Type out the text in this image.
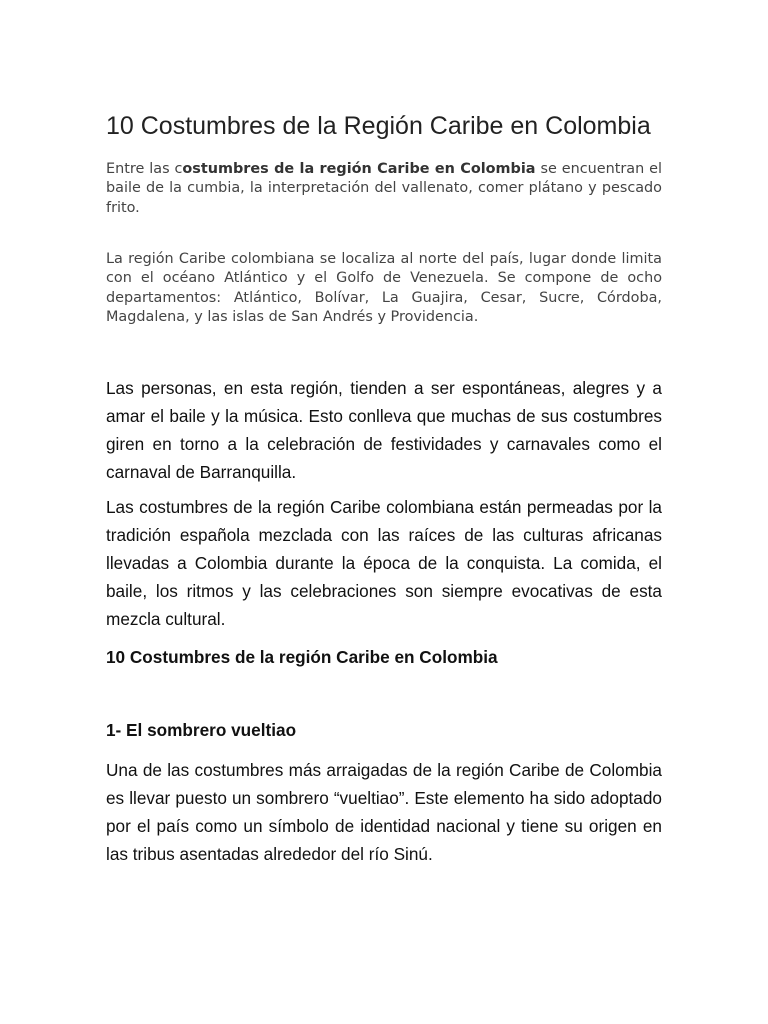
10 Costumbres de la Región Caribe en Colombia

Entre las costumbres de la región Caribe en Colombia se encuentran el baile de la cumbia, la interpretación del vallenato, comer plátano y pescado frito.

La región Caribe colombiana se localiza al norte del país, lugar donde limita con el océano Atlántico y el Golfo de Venezuela. Se compone de ocho departamentos: Atlántico, Bolívar, La Guajira, Cesar, Sucre, Córdoba, Magdalena, y las islas de San Andrés y Providencia.

Las personas, en esta región, tienden a ser espontáneas, alegres y a amar el baile y la música. Esto conlleva que muchas de sus costumbres giren en torno a la celebración de festividades y carnavales como el carnaval de Barranquilla.

Las costumbres de la región Caribe colombiana están permeadas por la tradición española mezclada con las raíces de las culturas africanas llevadas a Colombia durante la época de la conquista. La comida, el baile, los ritmos y las celebraciones son siempre evocativas de esta mezcla cultural.

10 Costumbres de la región Caribe en Colombia
1- El sombrero vueltiao

Una de las costumbres más arraigadas de la región Caribe de Colombia es llevar puesto un sombrero “vueltiao”. Este elemento ha sido adoptado por el país como un símbolo de identidad nacional y tiene su origen en las tribus asentadas alrededor del río Sinú.
